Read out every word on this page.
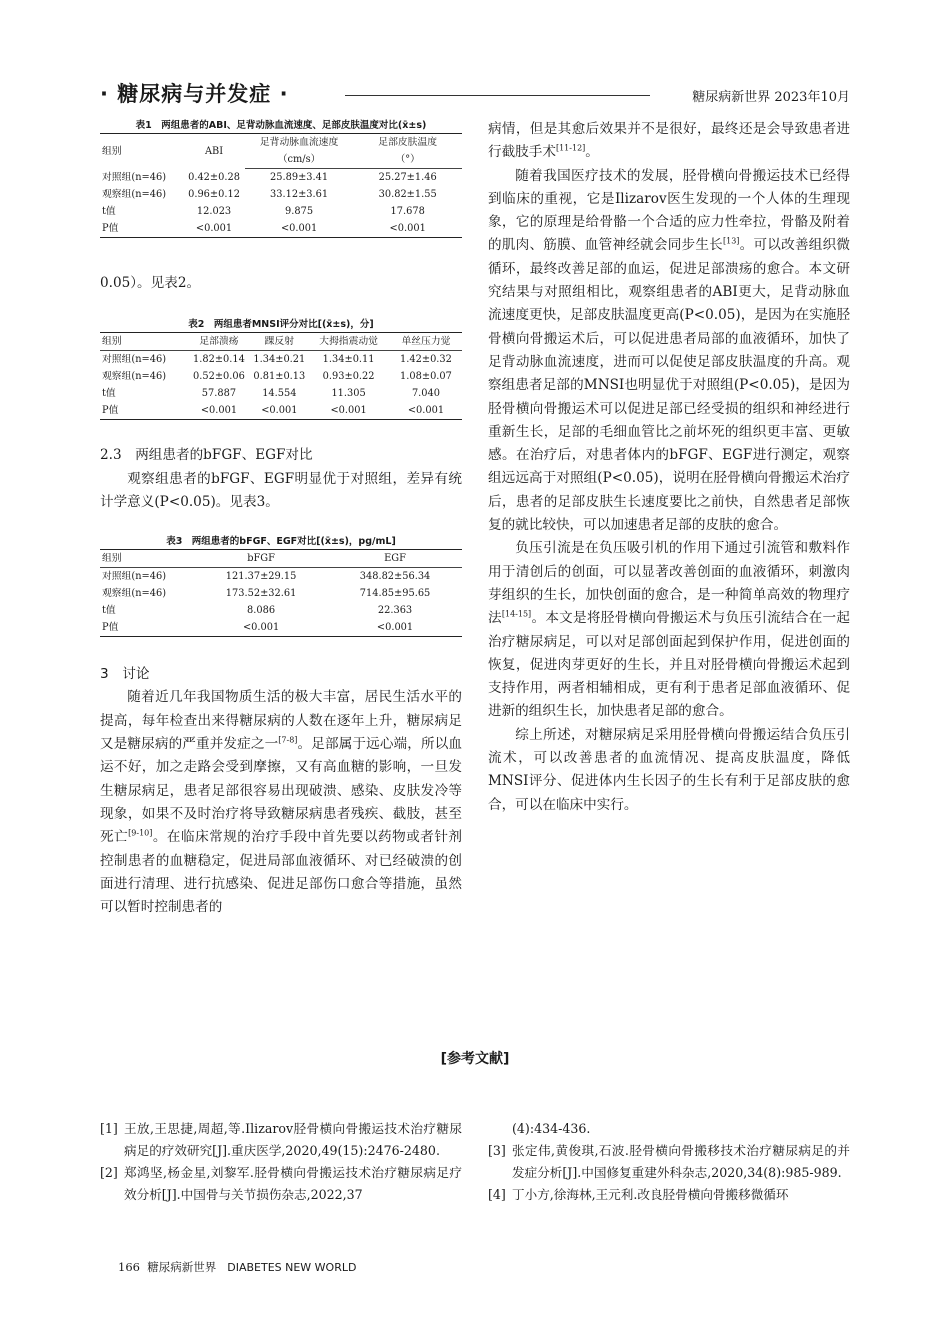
· 糖尿病与并发症 ·	糖尿病新世界 2023年10月
表1　两组患者的ABI、足背动脉血流速度、足部皮肤温度对比(x̄±s)
组别	ABI	足背动脉血流速度	足部皮肤温度
		（cm/s）	（°）
对照组(n=46)	0.42±0.28	25.89±3.41	25.27±1.46
观察组(n=46)	0.96±0.12	33.12±3.61	30.82±1.55
t值	12.023	9.875	17.678
P值	<0.001	<0.001	<0.001

0.05）。见表2。

表2　两组患者MNSI评分对比[(x̄±s)，分]
组别	足部溃疡	踝反射	大拇指震动觉	单丝压力觉
对照组(n=46)	1.82±0.14	1.34±0.21	1.34±0.11	1.42±0.32
观察组(n=46)	0.52±0.06	0.81±0.13	0.93±0.22	1.08±0.07
t值	57.887	14.554	11.305	7.040
P值	<0.001	<0.001	<0.001	<0.001

2.3　两组患者的bFGF、EGF对比

观察组患者的bFGF、EGF明显优于对照组，差异有统计学意义(P<0.05)。见表3。

表3　两组患者的bFGF、EGF对比[(x̄±s)，pg/mL]
组别	bFGF	EGF
对照组(n=46)	121.37±29.15	348.82±56.34
观察组(n=46)	173.52±32.61	714.85±95.65
t值	8.086	22.363
P值	<0.001	<0.001

3　讨论

随着近几年我国物质生活的极大丰富，居民生活水平的提高，每年检查出来得糖尿病的人数在逐年上升，糖尿病足又是糖尿病的严重并发症之一[7-8]。足部属于远心端，所以血运不好，加之走路会受到摩擦，又有高血糖的影响，一旦发生糖尿病足，患者足部很容易出现破溃、感染、皮肤发冷等现象，如果不及时治疗将导致糖尿病患者残疾、截肢，甚至死亡[9-10]。在临床常规的治疗手段中首先要以药物或者针剂控制患者的血糖稳定，促进局部血液循环、对已经破溃的创面进行清理、进行抗感染、促进足部伤口愈合等措施，虽然可以暂时控制患者的

病情，但是其愈后效果并不是很好，最终还是会导致患者进行截肢手术[11-12]。

随着我国医疗技术的发展，胫骨横向骨搬运技术已经得到临床的重视，它是Ilizarov医生发现的一个人体的生理现象，它的原理是给骨骼一个合适的应力性牵拉，骨骼及附着的肌肉、筋膜、血管神经就会同步生长[13]。可以改善组织微循环，最终改善足部的血运，促进足部溃疡的愈合。本文研究结果与对照组相比，观察组患者的ABI更大，足背动脉血流速度更快，足部皮肤温度更高(P<0.05)，是因为在实施胫骨横向骨搬运术后，可以促进患者局部的血液循环，加快了足背动脉血流速度，进而可以促使足部皮肤温度的升高。观察组患者足部的MNSI也明显优于对照组(P<0.05)，是因为胫骨横向骨搬运术可以促进足部已经受损的组织和神经进行重新生长，足部的毛细血管比之前坏死的组织更丰富、更敏感。在治疗后，对患者体内的bFGF、EGF进行测定，观察组远远高于对照组(P<0.05)，说明在胫骨横向骨搬运术治疗后，患者的足部皮肤生长速度要比之前快，自然患者足部恢复的就比较快，可以加速患者足部的皮肤的愈合。

负压引流是在负压吸引机的作用下通过引流管和敷料作用于清创后的创面，可以显著改善创面的血液循环，刺激肉芽组织的生长，加快创面的愈合，是一种简单高效的物理疗法[14-15]。本文是将胫骨横向骨搬运术与负压引流结合在一起治疗糖尿病足，可以对足部创面起到保护作用，促进创面的恢复，促进肉芽更好的生长，并且对胫骨横向骨搬运术起到支持作用，两者相辅相成，更有利于患者足部血液循环、促进新的组织生长，加快患者足部的愈合。

综上所述，对糖尿病足采用胫骨横向骨搬运结合负压引流术，可以改善患者的血流情况、提高皮肤温度，降低MNSI评分、促进体内生长因子的生长有利于足部皮肤的愈合，可以在临床中实行。

[参考文献]
[1] 王放,王思捷,周超,等.Ilizarov胫骨横向骨搬运技术治疗糖尿病足的疗效研究[J].重庆医学,2020,49(15):2476-2480.
[2] 郑鸿坚,杨金星,刘黎军.胫骨横向骨搬运技术治疗糖尿病足疗效分析[J].中国骨与关节损伤杂志,2022,37
(4):434-436.
[3] 张定伟,黄俊琪,石波.胫骨横向骨搬移技术治疗糖尿病足的并发症分析[J].中国修复重建外科杂志,2020,34(8):985-989.
[4] 丁小方,徐海林,王元利.改良胫骨横向骨搬移微循环
166 糖尿病新世界 DIABETES NEW WORLD
